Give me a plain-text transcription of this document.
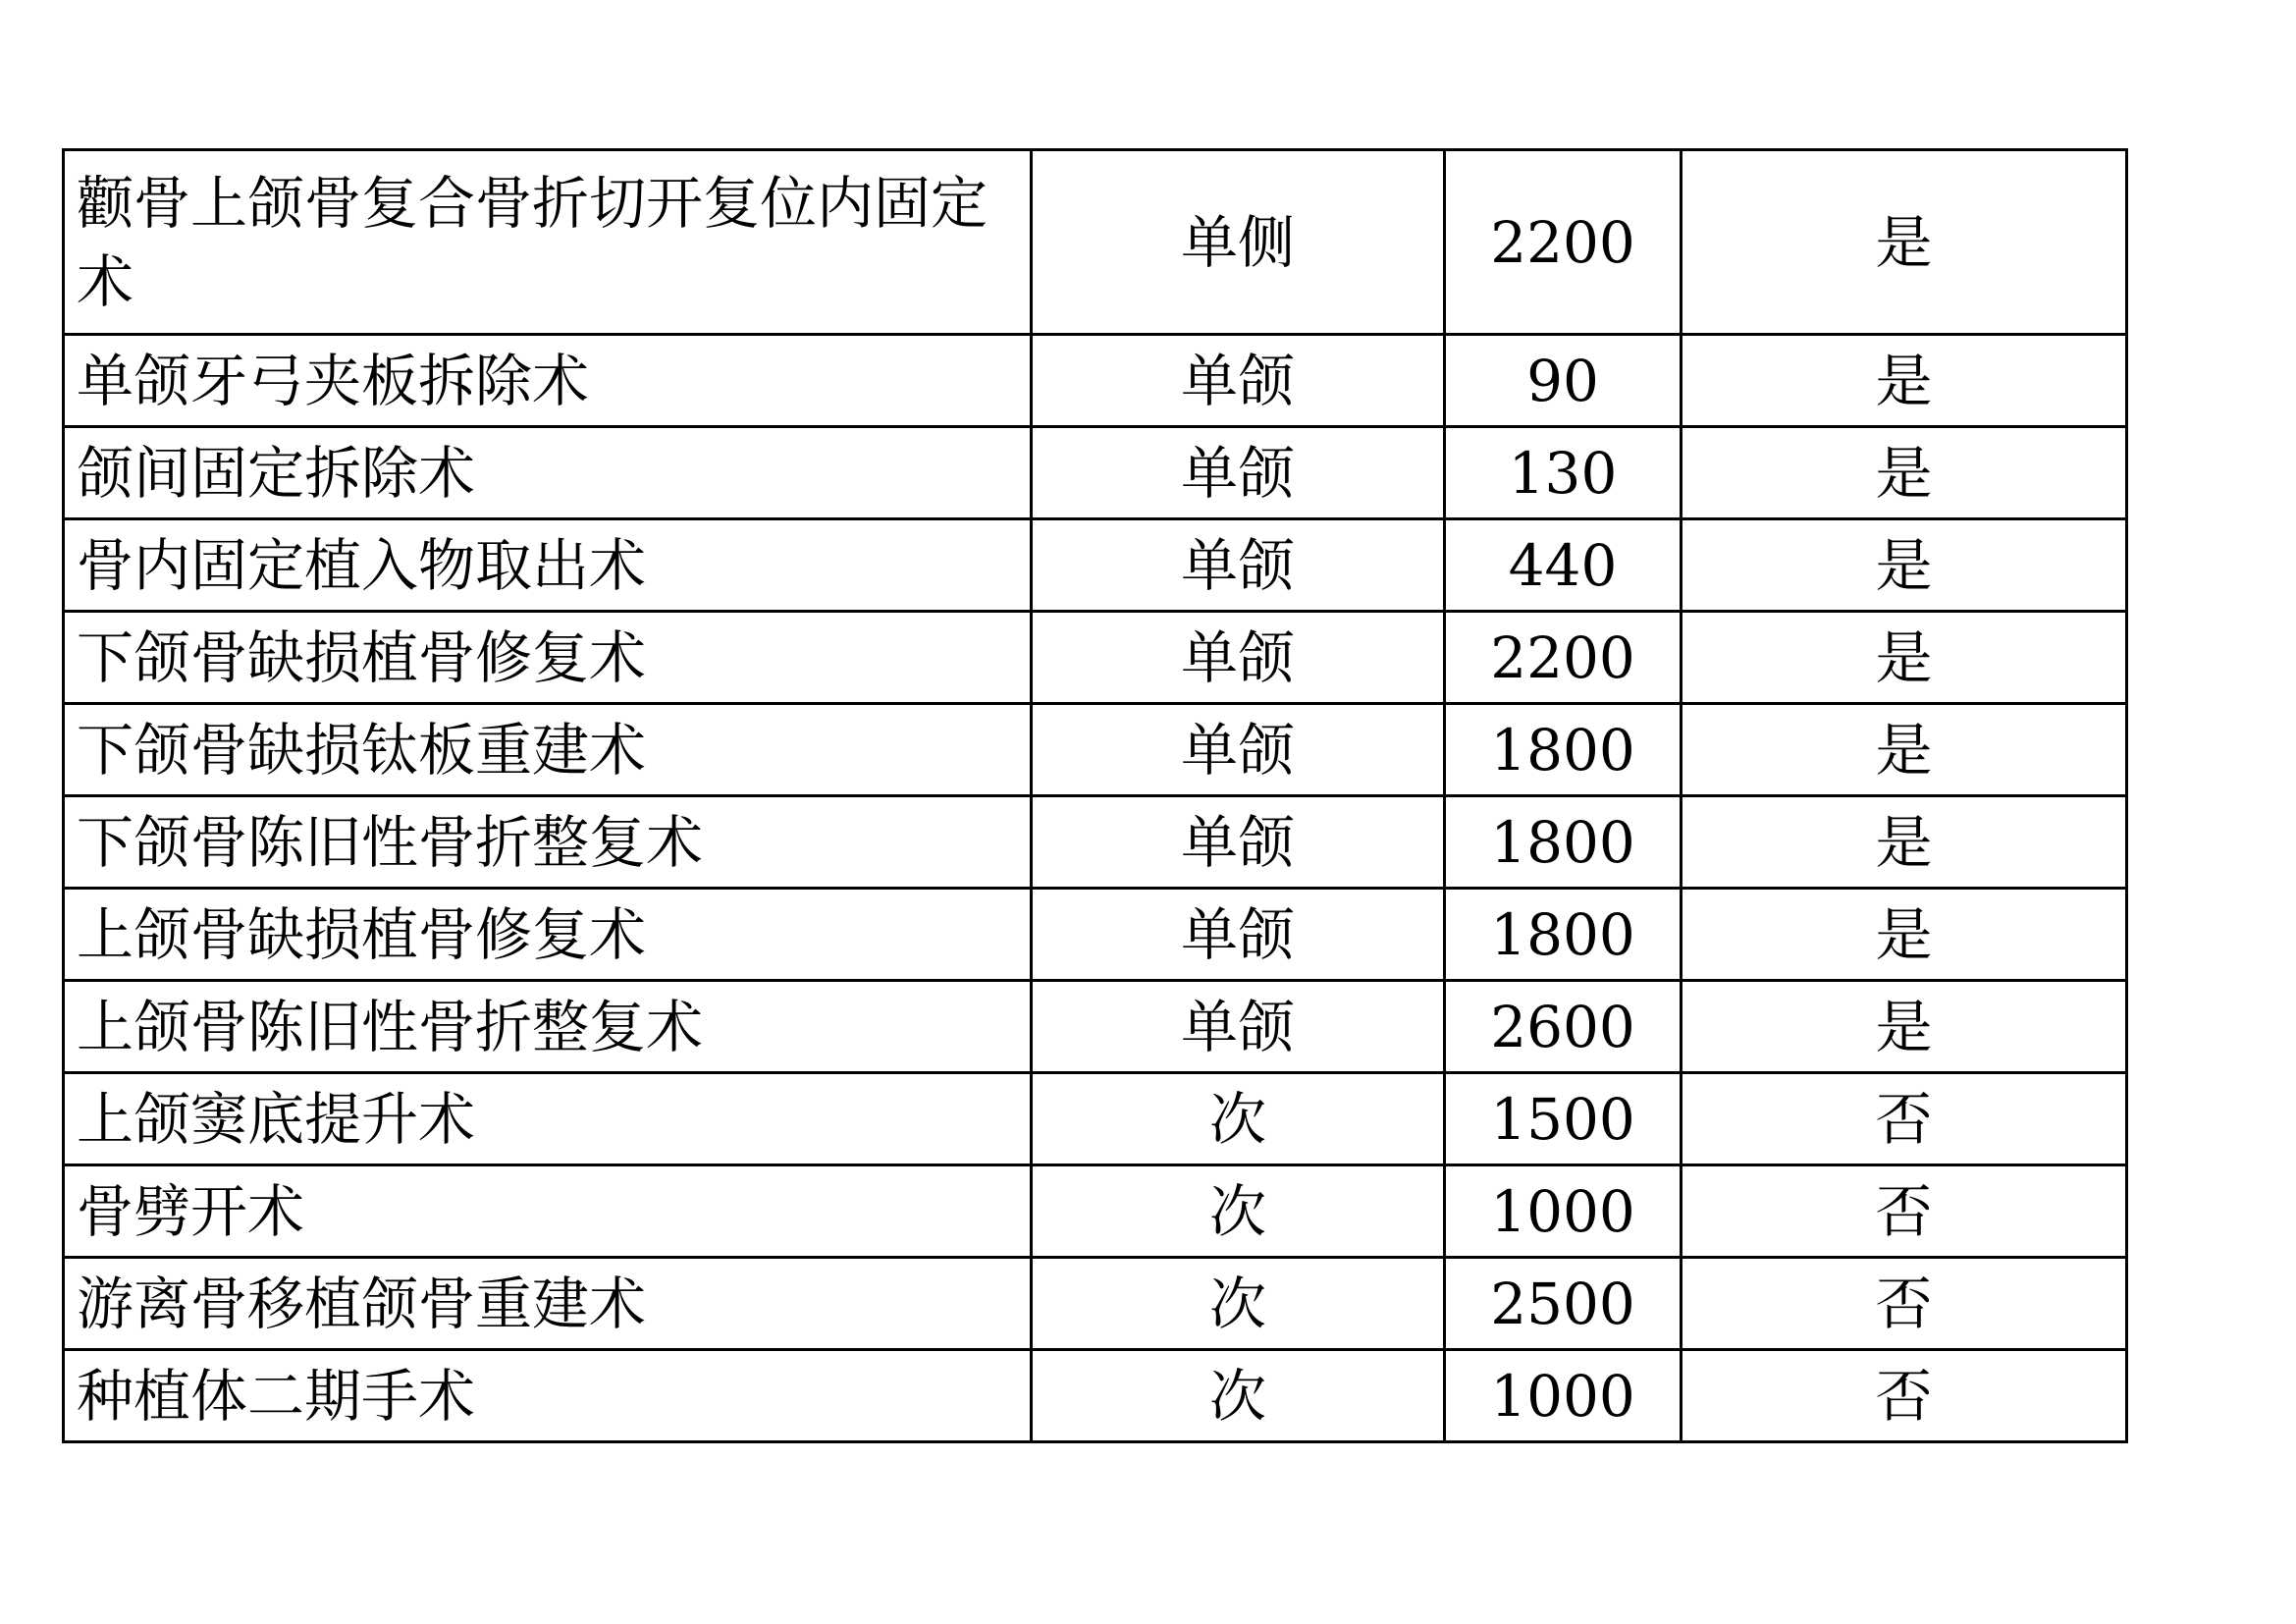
颧骨上颌骨复合骨折切开复位内固定术	单侧	2200	是
单颌牙弓夹板拆除术	单颌	90	是
颌间固定拆除术	单颌	130	是
骨内固定植入物取出术	单颌	440	是
下颌骨缺损植骨修复术	单颌	2200	是
下颌骨缺损钛板重建术	单颌	1800	是
下颌骨陈旧性骨折整复术	单颌	1800	是
上颌骨缺损植骨修复术	单颌	1800	是
上颌骨陈旧性骨折整复术	单颌	2600	是
上颌窦底提升术	次	1500	否
骨劈开术	次	1000	否
游离骨移植颌骨重建术	次	2500	否
种植体二期手术	次	1000	否
